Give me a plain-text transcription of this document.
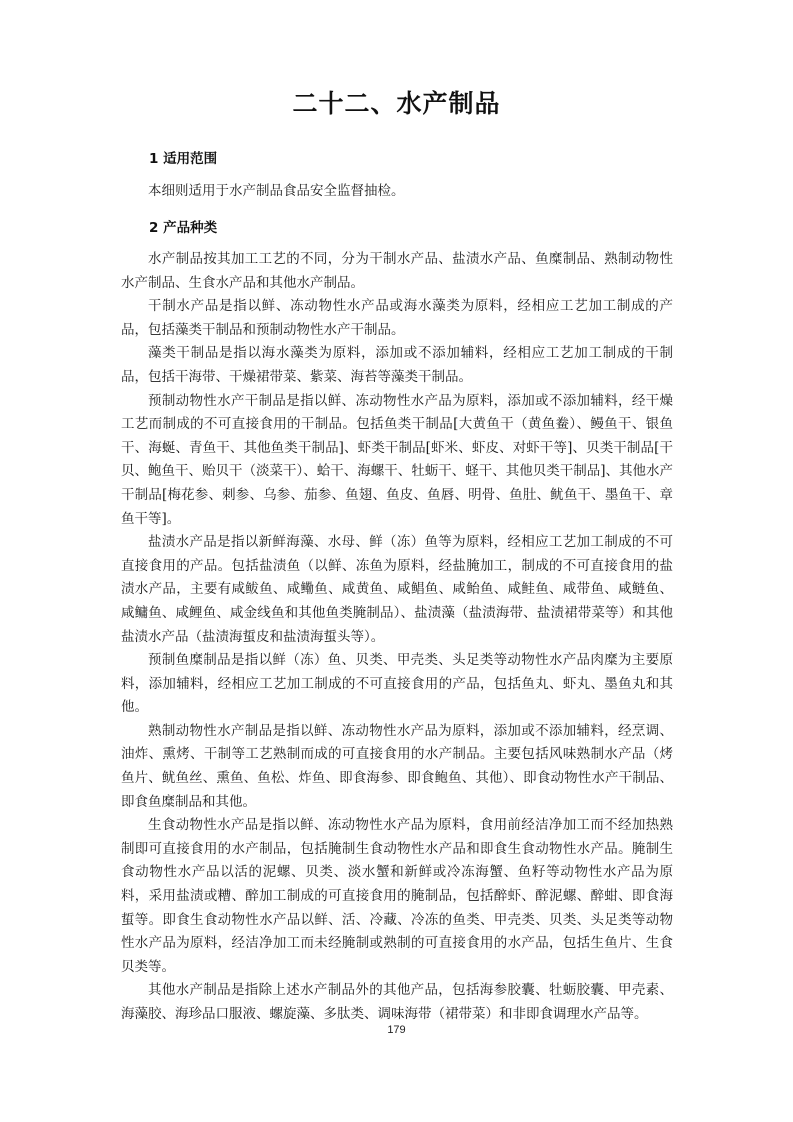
二十二、水产制品
1 适用范围

本细则适用于水产制品食品安全监督抽检。

2 产品种类

水产制品按其加工工艺的不同，分为干制水产品、盐渍水产品、鱼糜制品、熟制动物性水产制品、生食水产品和其他水产制品。

干制水产品是指以鲜、冻动物性水产品或海水藻类为原料，经相应工艺加工制成的产品，包括藻类干制品和预制动物性水产干制品。

藻类干制品是指以海水藻类为原料，添加或不添加辅料，经相应工艺加工制成的干制品，包括干海带、干燥裙带菜、紫菜、海苔等藻类干制品。

预制动物性水产干制品是指以鲜、冻动物性水产品为原料，添加或不添加辅料，经干燥工艺而制成的不可直接食用的干制品。包括鱼类干制品[大黄鱼干（黄鱼鲞）、鳗鱼干、银鱼干、海蜒、青鱼干、其他鱼类干制品]、虾类干制品[虾米、虾皮、对虾干等]、贝类干制品[干贝、鲍鱼干、贻贝干（淡菜干）、蛤干、海螺干、牡蛎干、蛏干、其他贝类干制品]、其他水产干制品[梅花参、刺参、乌参、茄参、鱼翅、鱼皮、鱼唇、明骨、鱼肚、鱿鱼干、墨鱼干、章鱼干等]。

盐渍水产品是指以新鲜海藻、水母、鲜（冻）鱼等为原料，经相应工艺加工制成的不可直接食用的产品。包括盐渍鱼（以鲜、冻鱼为原料，经盐腌加工，制成的不可直接食用的盐渍水产品，主要有咸鲅鱼、咸鳓鱼、咸黄鱼、咸鲳鱼、咸鲐鱼、咸鲑鱼、咸带鱼、咸鲢鱼、咸鳙鱼、咸鲤鱼、咸金线鱼和其他鱼类腌制品）、盐渍藻（盐渍海带、盐渍裙带菜等）和其他盐渍水产品（盐渍海蜇皮和盐渍海蜇头等）。

预制鱼糜制品是指以鲜（冻）鱼、贝类、甲壳类、头足类等动物性水产品肉糜为主要原料，添加辅料，经相应工艺加工制成的不可直接食用的产品，包括鱼丸、虾丸、墨鱼丸和其他。

熟制动物性水产制品是指以鲜、冻动物性水产品为原料，添加或不添加辅料，经烹调、油炸、熏烤、干制等工艺熟制而成的可直接食用的水产制品。主要包括风味熟制水产品（烤鱼片、鱿鱼丝、熏鱼、鱼松、炸鱼、即食海参、即食鲍鱼、其他）、即食动物性水产干制品、即食鱼糜制品和其他。

生食动物性水产品是指以鲜、冻动物性水产品为原料，食用前经洁净加工而不经加热熟制即可直接食用的水产制品，包括腌制生食动物性水产品和即食生食动物性水产品。腌制生食动物性水产品以活的泥螺、贝类、淡水蟹和新鲜或冷冻海蟹、鱼籽等动物性水产品为原料，采用盐渍或糟、醉加工制成的可直接食用的腌制品，包括醉虾、醉泥螺、醉蚶、即食海蜇等。即食生食动物性水产品以鲜、活、冷藏、冷冻的鱼类、甲壳类、贝类、头足类等动物性水产品为原料，经洁净加工而未经腌制或熟制的可直接食用的水产品，包括生鱼片、生食贝类等。

其他水产制品是指除上述水产制品外的其他产品，包括海参胶囊、牡蛎胶囊、甲壳素、海藻胶、海珍品口服液、螺旋藻、多肽类、调味海带（裙带菜）和非即食调理水产品等。

179
